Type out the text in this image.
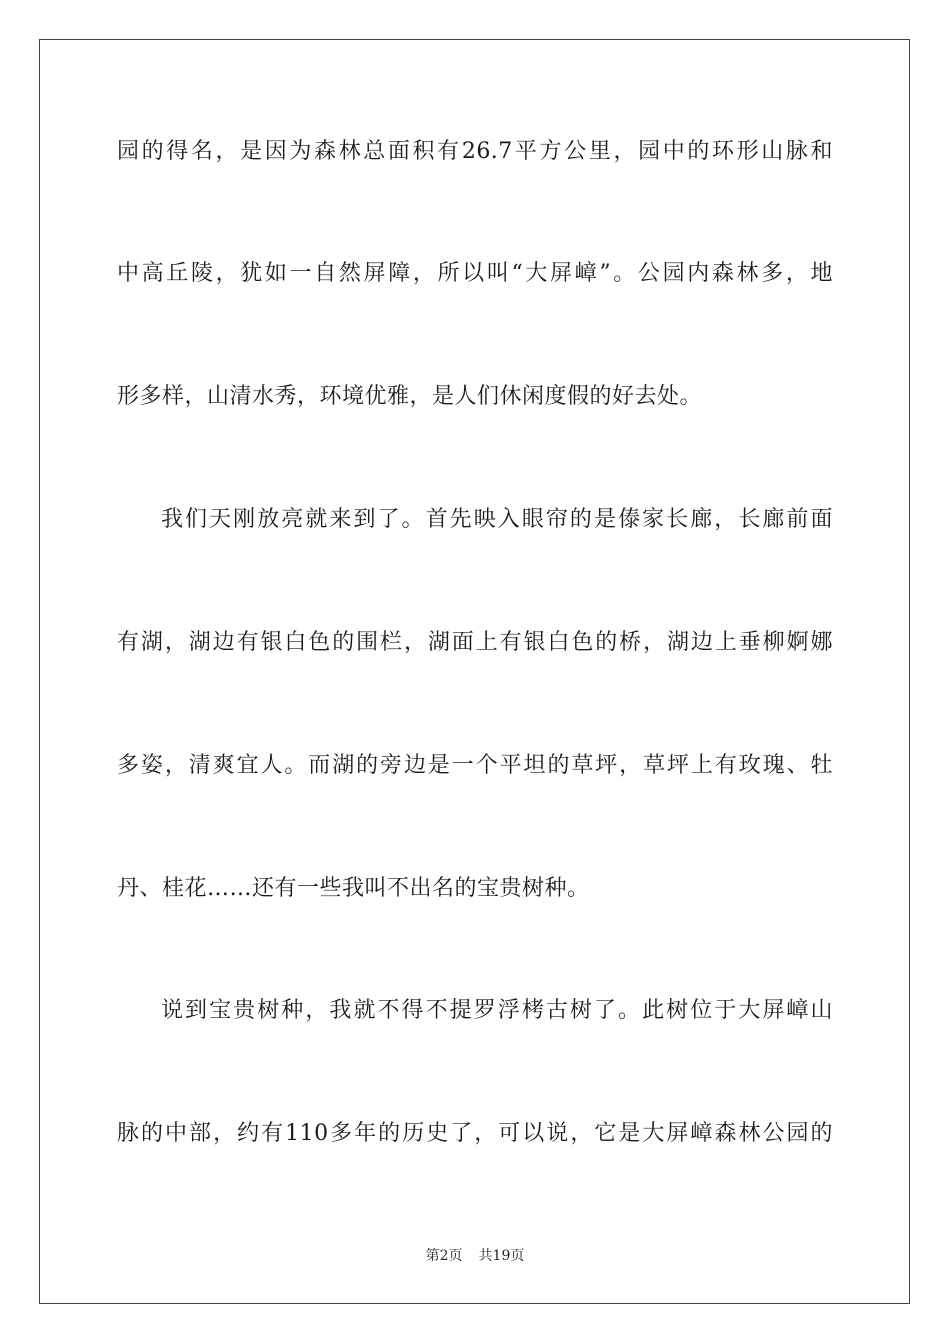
园的得名，是因为森林总面积有26.7平方公里，园中的环形山脉和

中高丘陵，犹如一自然屏障，所以叫“大屏嶂”。公园内森林多，地

形多样，山清水秀，环境优雅，是人们休闲度假的好去处。

我们天刚放亮就来到了。首先映入眼帘的是傣家长廊，长廊前面

有湖，湖边有银白色的围栏，湖面上有银白色的桥，湖边上垂柳婀娜

多姿，清爽宜人。而湖的旁边是一个平坦的草坪，草坪上有玫瑰、牡

丹、桂花……还有一些我叫不出名的宝贵树种。

说到宝贵树种，我就不得不提罗浮栲古树了。此树位于大屏嶂山

脉的中部，约有110多年的历史了，可以说，它是大屏嶂森林公园的

第2页 共19页
